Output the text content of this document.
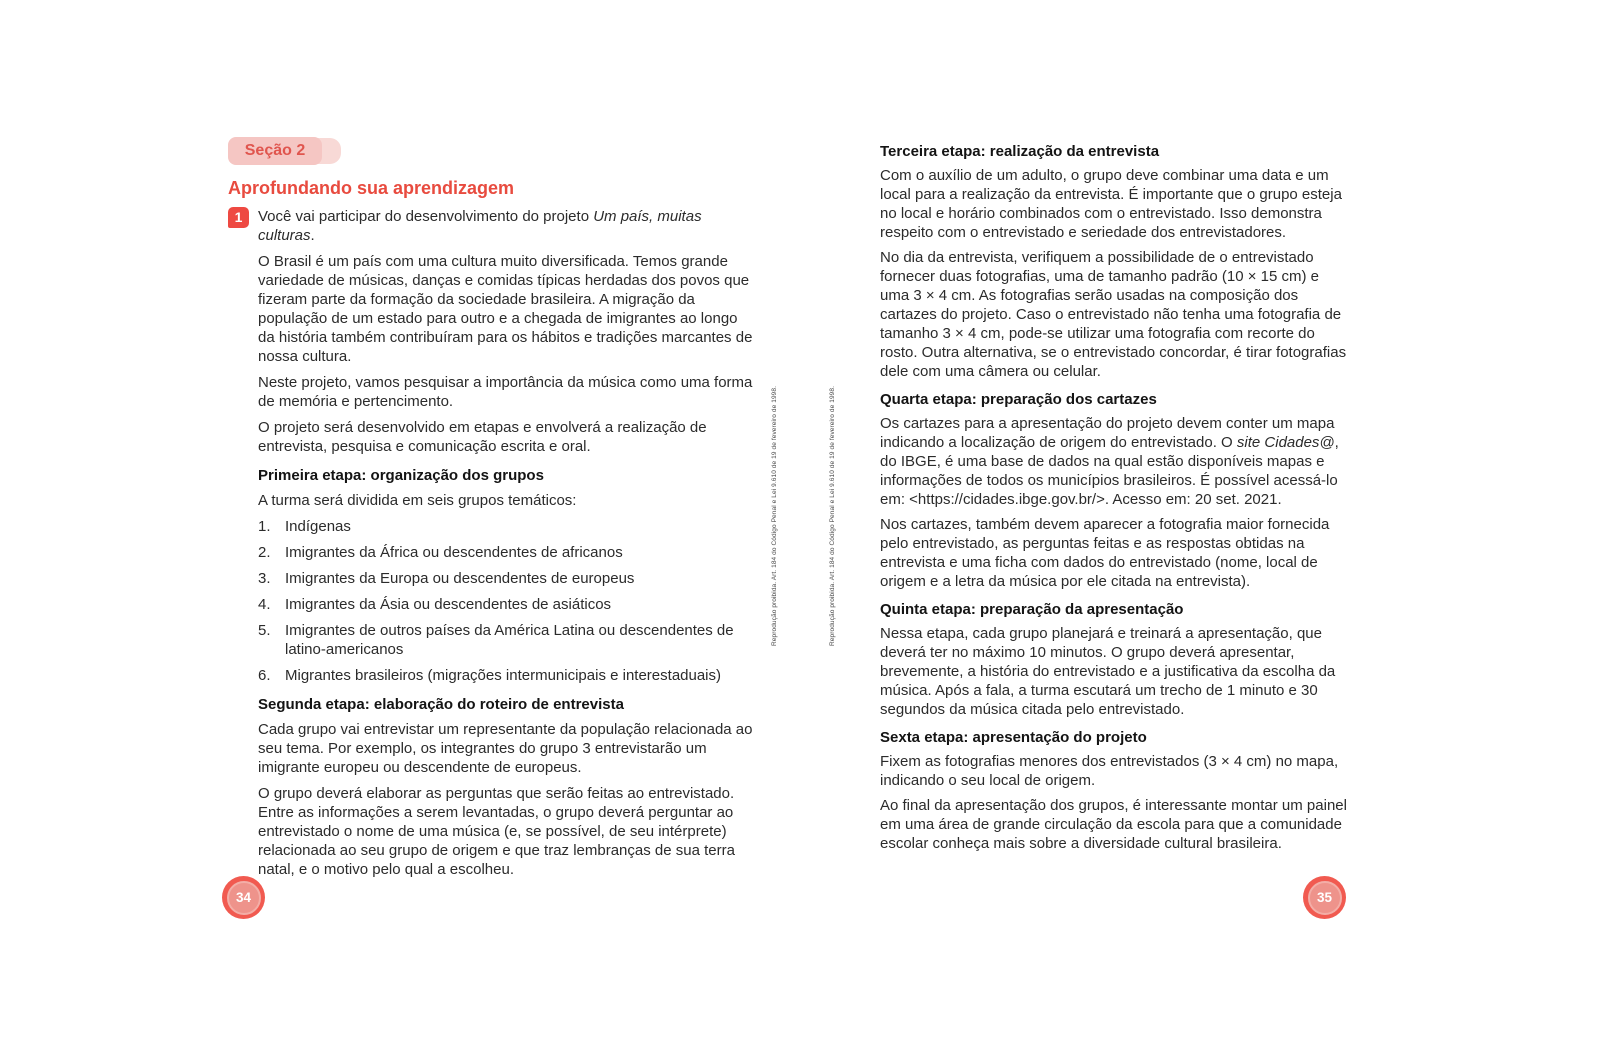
Seção 2
Aprofundando sua aprendizagem
1	Você vai participar do desenvolvimento do projeto Um país, muitas culturas.

O Brasil é um país com uma cultura muito diversificada. Temos grande variedade de músicas, danças e comidas típicas herdadas dos povos que fizeram parte da formação da sociedade brasileira. A migração da população de um estado para outro e a chegada de imigrantes ao longo da história também contribuíram para os hábitos e tradições marcantes de nossa cultura.

Neste projeto, vamos pesquisar a importância da música como uma forma de memória e pertencimento.

O projeto será desenvolvido em etapas e envolverá a realização de entrevista, pesquisa e comunicação escrita e oral.

Primeira etapa: organização dos grupos

A turma será dividida em seis grupos temáticos:

1. Indígenas
2. Imigrantes da África ou descendentes de africanos
3. Imigrantes da Europa ou descendentes de europeus
4. Imigrantes da Ásia ou descendentes de asiáticos
5. Imigrantes de outros países da América Latina ou descendentes de latino-americanos
6. Migrantes brasileiros (migrações intermunicipais e interestaduais)
Segunda etapa: elaboração do roteiro de entrevista

Cada grupo vai entrevistar um representante da população relacionada ao seu tema. Por exemplo, os integrantes do grupo 3 entrevistarão um imigrante europeu ou descendente de europeus.

O grupo deverá elaborar as perguntas que serão feitas ao entrevistado. Entre as informações a serem levantadas, o grupo deverá perguntar ao entrevistado o nome de uma música (e, se possível, de seu intérprete) relacionada ao seu grupo de origem e que traz lembranças de sua terra natal, e o motivo pelo qual a escolheu.

Terceira etapa: realização da entrevista

Com o auxílio de um adulto, o grupo deve combinar uma data e um local para a realização da entrevista. É importante que o grupo esteja no local e horário combinados com o entrevistado. Isso demonstra respeito com o entrevistado e seriedade dos entrevistadores.

No dia da entrevista, verifiquem a possibilidade de o entrevistado fornecer duas fotografias, uma de tamanho padrão (10 × 15 cm) e uma 3 × 4 cm. As fotografias serão usadas na composição dos cartazes do projeto. Caso o entrevistado não tenha uma fotografia de tamanho 3 × 4 cm, pode-se utilizar uma fotografia com recorte do rosto. Outra alternativa, se o entrevistado concordar, é tirar fotografias dele com uma câmera ou celular.

Quarta etapa: preparação dos cartazes

Os cartazes para a apresentação do projeto devem conter um mapa indicando a localização de origem do entrevistado. O site Cidades@, do IBGE, é uma base de dados na qual estão disponíveis mapas e informações de todos os municípios brasileiros. É possível acessá-lo em: <https://cidades.ibge.gov.br/>. Acesso em: 20 set. 2021.

Nos cartazes, também devem aparecer a fotografia maior fornecida pelo entrevistado, as perguntas feitas e as respostas obtidas na entrevista e uma ficha com dados do entrevistado (nome, local de origem e a letra da música por ele citada na entrevista).

Quinta etapa: preparação da apresentação

Nessa etapa, cada grupo planejará e treinará a apresentação, que deverá ter no máximo 10 minutos. O grupo deverá apresentar, brevemente, a história do entrevistado e a justificativa da escolha da música. Após a fala, a turma escutará um trecho de 1 minuto e 30 segundos da música citada pelo entrevistado.

Sexta etapa: apresentação do projeto

Fixem as fotografias menores dos entrevistados (3 × 4 cm) no mapa, indicando o seu local de origem.

Ao final da apresentação dos grupos, é interessante montar um painel em uma área de grande circulação da escola para que a comunidade escolar conheça mais sobre a diversidade cultural brasileira.

Reprodução proibida. Art. 184 do Código Penal e Lei 9.610 de 19 de fevereiro de 1998.	Reprodução proibida. Art. 184 do Código Penal e Lei 9.610 de 19 de fevereiro de 1998.
34	35
